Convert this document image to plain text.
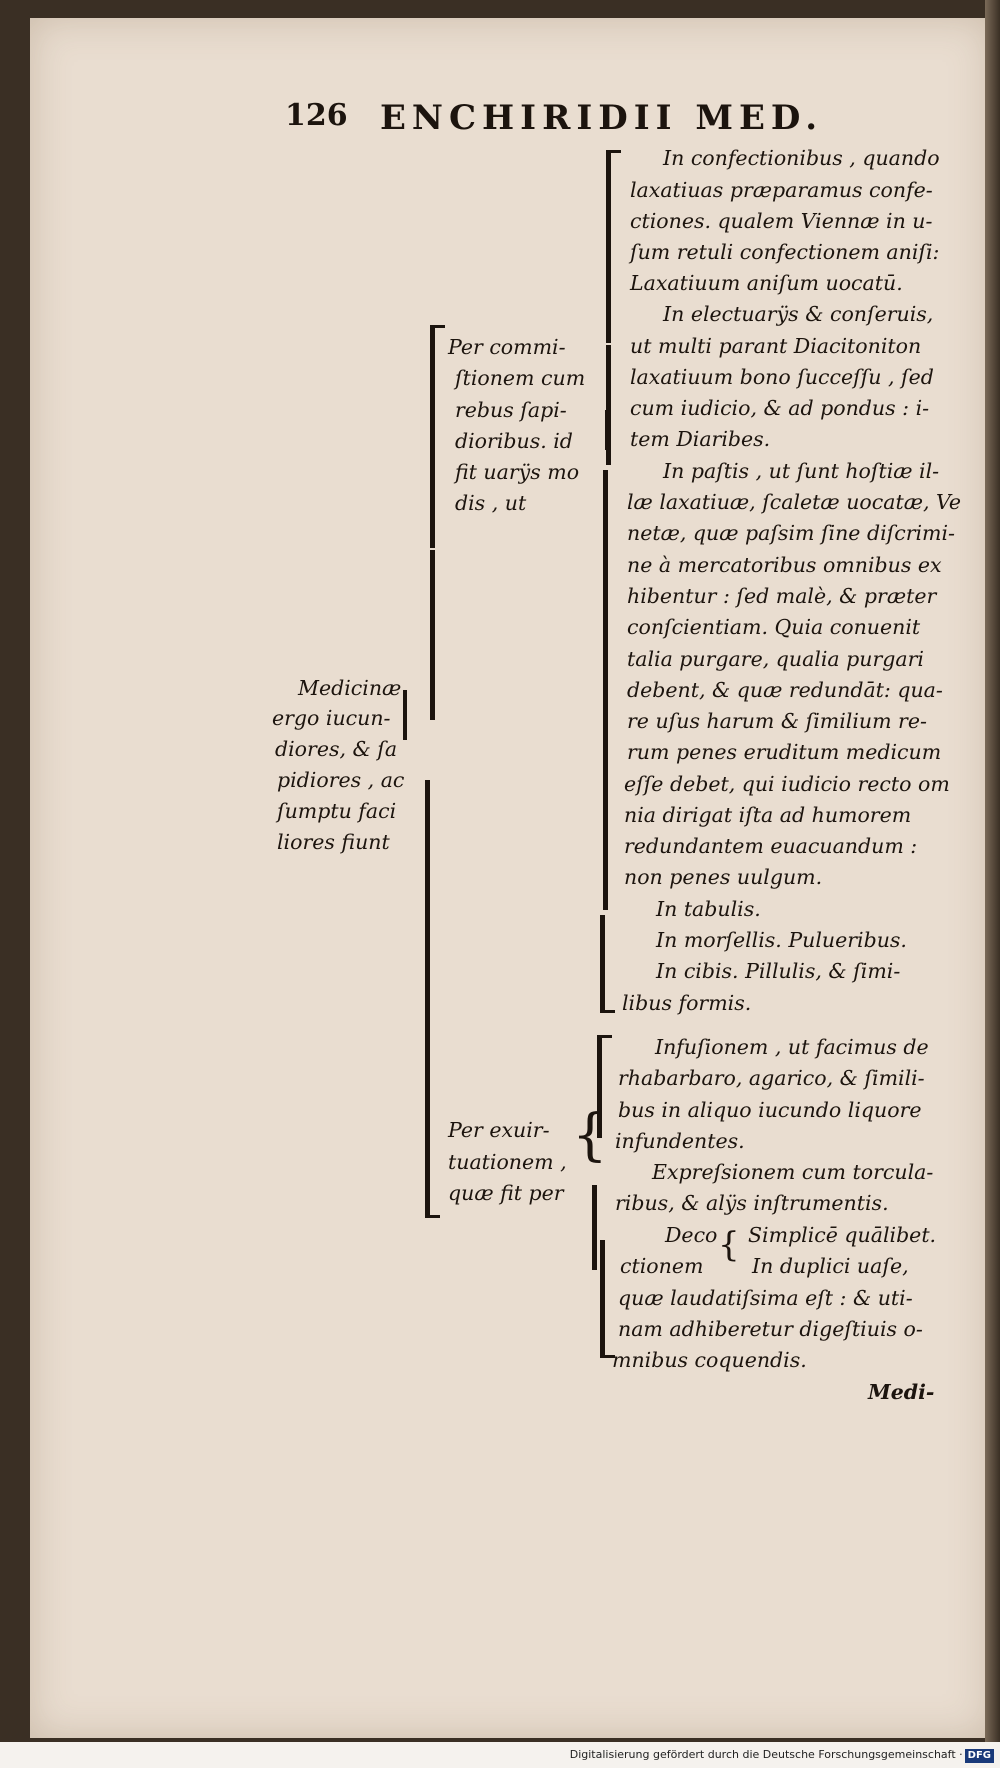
126 ENCHIRIDII MED.
Medicinæ
ergo iucun-
diores, & ſa
pidiores , ac
ſumptu faci
liores fiunt
Per commi-
ſtionem cum
rebus ſapi-
dioribus. id
fit uarÿs mo
dis , ut
Per exuir-
tuationem ,
quæ fit per
{
In confectionibus , quando
laxatiuas præparamus confe-
ctiones. qualem Viennæ in u-
ſum retuli confectionem aniſi:
Laxatiuum aniſum uocatū.
In electuarÿs & conſeruis,
ut multi parant Diacitoniton
laxatiuum bono ſucceſſu , ſed
cum iudicio, & ad pondus : i-
tem Diaribes.
In paſtis , ut ſunt hoſtiæ il-
læ laxatiuæ, ſcaletæ uocatæ, Ve
netæ, quæ paſsim ſine diſcrimi-
ne à mercatoribus omnibus ex
hibentur : ſed malè, & præter
conſcientiam. Quia conuenit
talia purgare, qualia purgari
debent, & quæ redundāt: qua-
re uſus harum & ſimilium re-
rum penes eruditum medicum
eſſe debet, qui iudicio recto om
nia dirigat iſta ad humorem
redundantem euacuandum :
non penes uulgum.
In tabulis.
In morſellis. Pulueribus.
In cibis. Pillulis, & ſimi-
libus formis.
Infuſionem , ut facimus de
rhabarbaro, agarico, & ſimili-
bus in aliquo iucundo liquore
infundentes.
Expreſsionem cum torcula-
ribus, & alÿs inſtrumentis.
Deco
ctionem
{ Simplicē quālibet.
In duplici uaſe,
quæ laudatiſsima eſt : & uti-
nam adhiberetur digeſtiuis o-
mnibus coquendis.
Medi-
Digitalisierung gefördert durch die Deutsche Forschungsgemeinschaft · DFG
